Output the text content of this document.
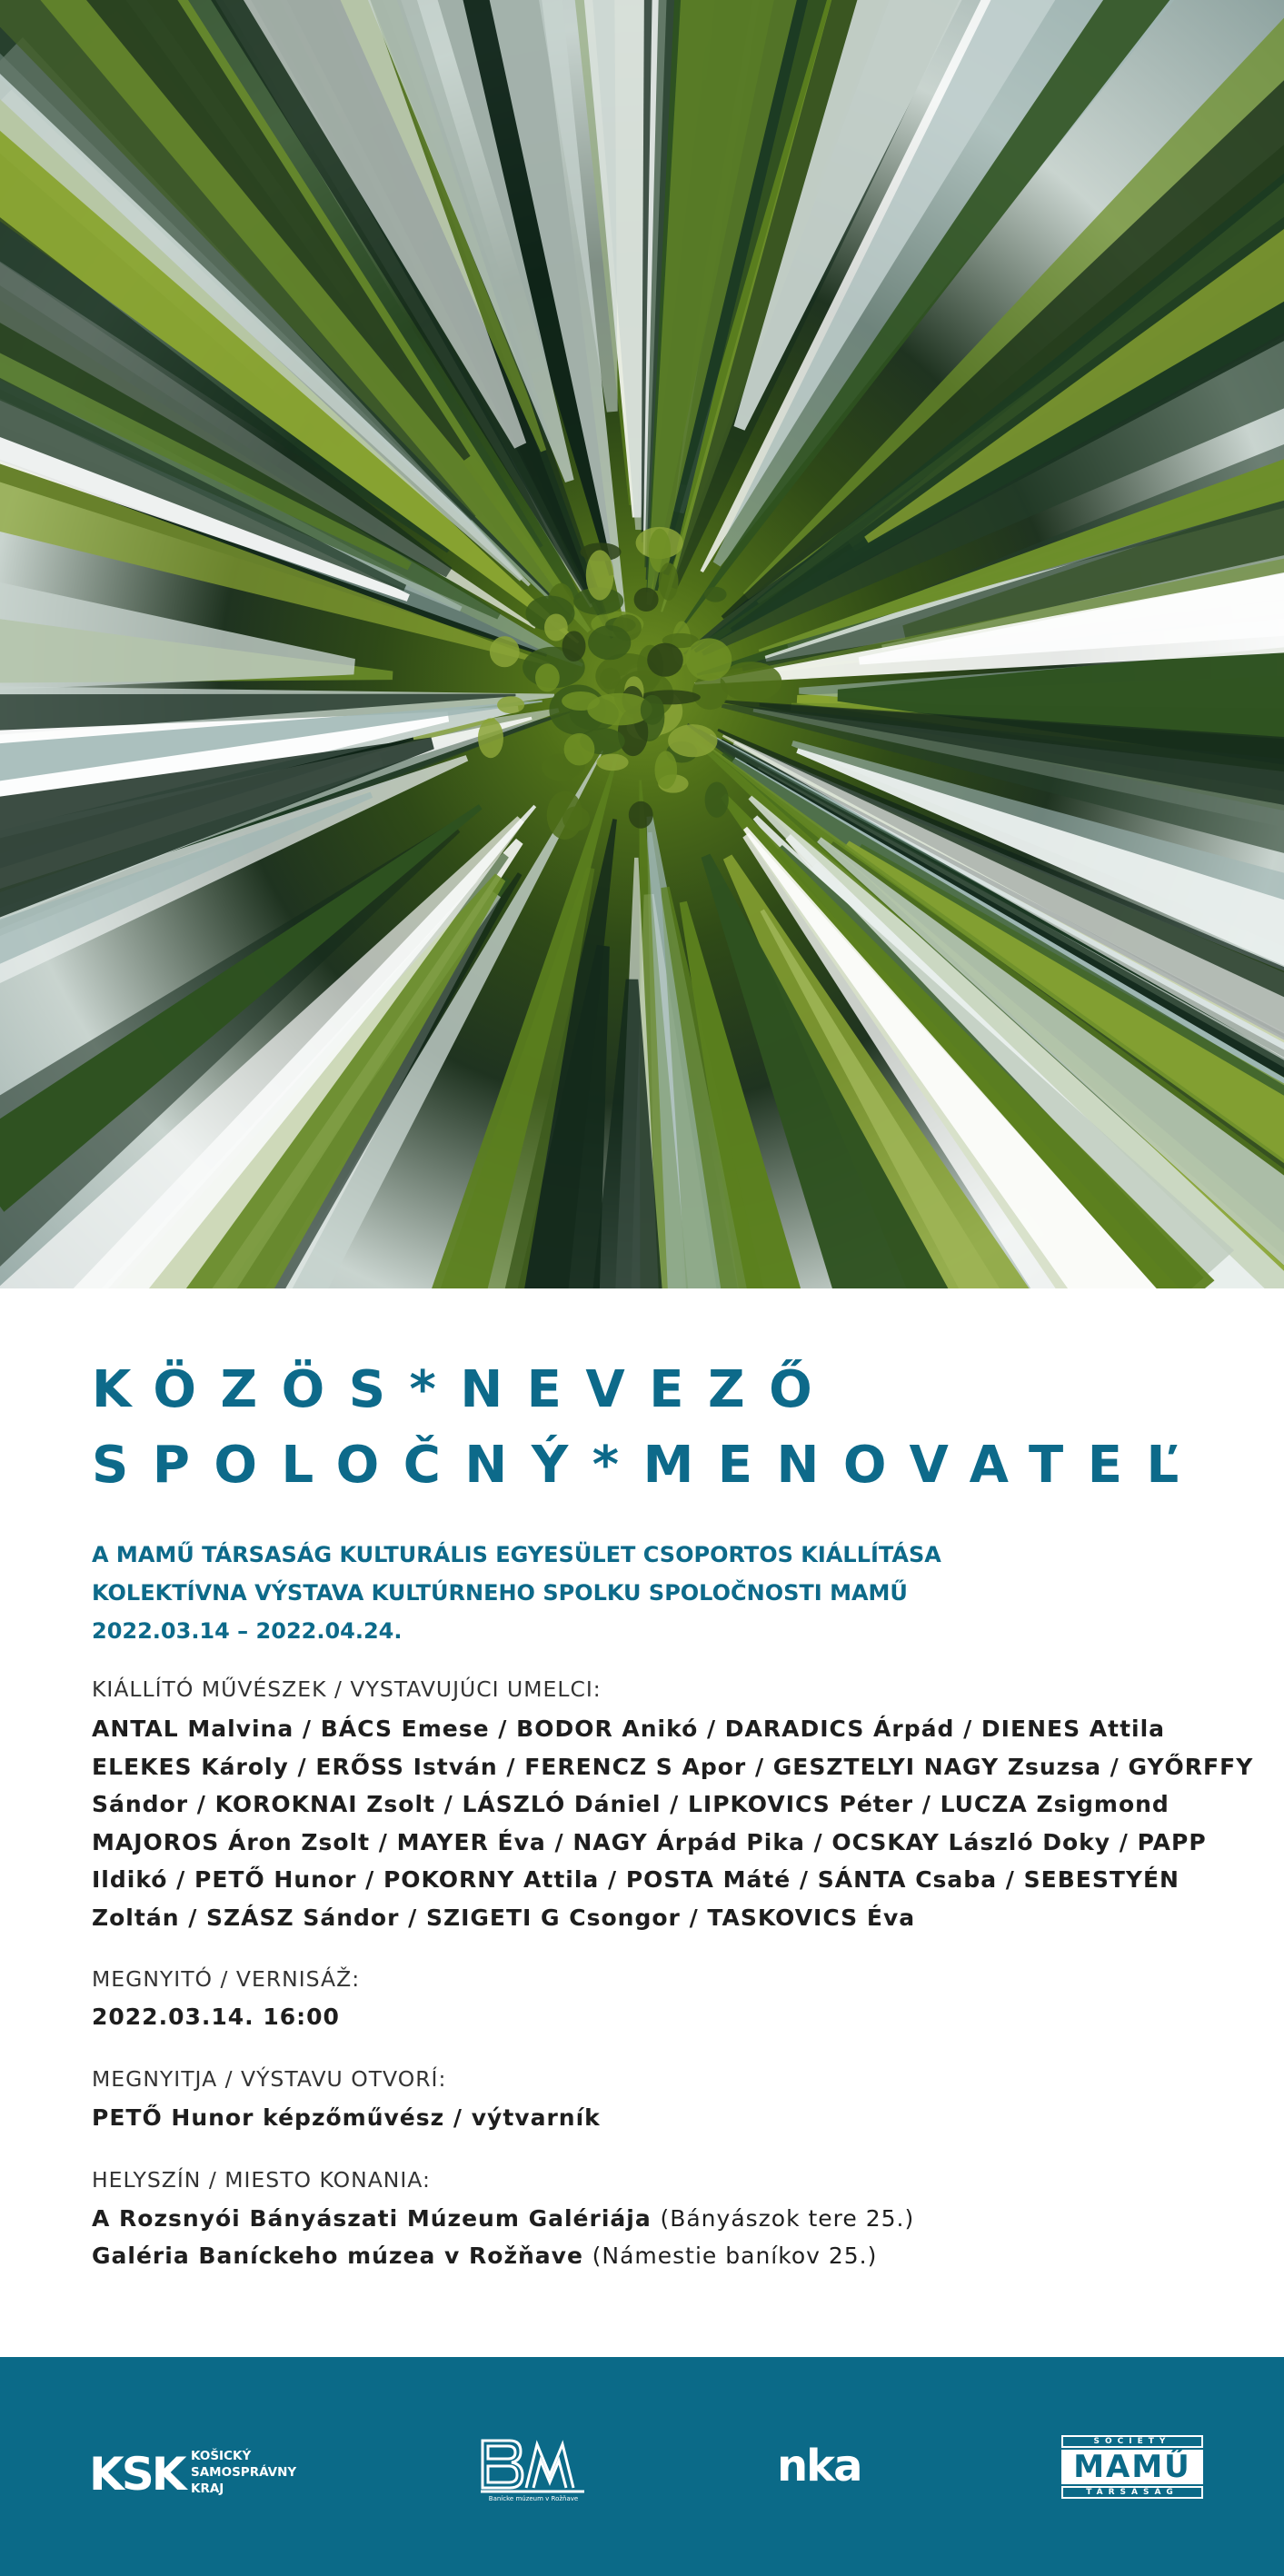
KÖZÖS*NEVEZŐ
SPOLOČNÝ*MENOVATEĽ
A MAMŰ TÁRSASÁG KULTURÁLIS EGYESÜLET CSOPORTOS KIÁLLÍTÁSA
KOLEKTÍVNA VÝSTAVA KULTÚRNEHO SPOLKU SPOLOČNOSTI MAMŰ
2022.03.14 – 2022.04.24.
KIÁLLÍTÓ MŰVÉSZEK / VYSTAVUJÚCI UMELCI:
ANTAL Malvina / BÁCS Emese / BODOR Anikó / DARADICS Árpád / DIENES Attila
ELEKES Károly / ERŐSS István / FERENCZ S Apor / GESZTELYI NAGY Zsuzsa / GYŐRFFY
Sándor / KOROKNAI Zsolt / LÁSZLÓ Dániel / LIPKOVICS Péter / LUCZA Zsigmond
MAJOROS Áron Zsolt / MAYER Éva / NAGY Árpád Pika / OCSKAY László Doky / PAPP
Ildikó / PETŐ Hunor / POKORNY Attila / POSTA Máté / SÁNTA Csaba / SEBESTYÉN
Zoltán / SZÁSZ Sándor / SZIGETI G Csongor / TASKOVICS Éva
MEGNYITÓ / VERNISÁŽ:
2022.03.14. 16:00
MEGNYITJA / VÝSTAVU OTVORÍ:
PETŐ Hunor képzőművész / výtvarník
HELYSZÍN / MIESTO KONANIA:
A Rozsnyói Bányászati Múzeum Galériája (Bányászok tere 25.)
Galéria Baníckeho múzea v Rožňave (Námestie baníkov 25.)
KSK KOŠICKÝ
SAMOSPRÁVNY
KRAJ
Banícke múzeum v Rožňave
nka	SOCIETY
MAMŰ
TÁRSASÁG
